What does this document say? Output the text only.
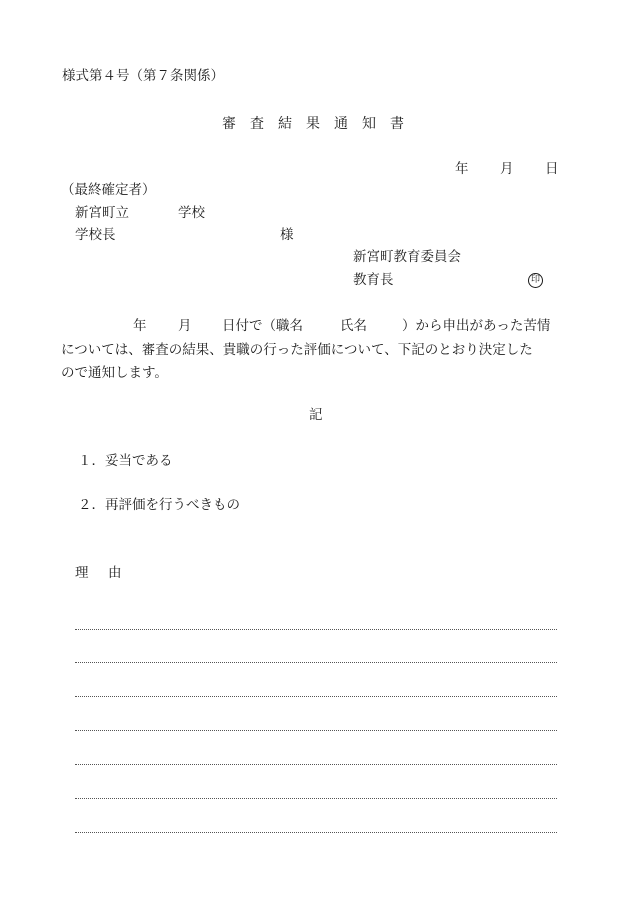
様式第４号（第７条関係）
審査結果通知書
年 月 日
（最終確定者）
新宮町立	学校
学校長	様
新宮町教育委員会
教育長	印
年 月 日付で（職名	氏名	）から申出があった苦情
については、審査の結果、貴職の行った評価について、下記のとおり決定した
ので通知します。
記
１． 妥当である
２． 再評価を行うべきもの
理　由
